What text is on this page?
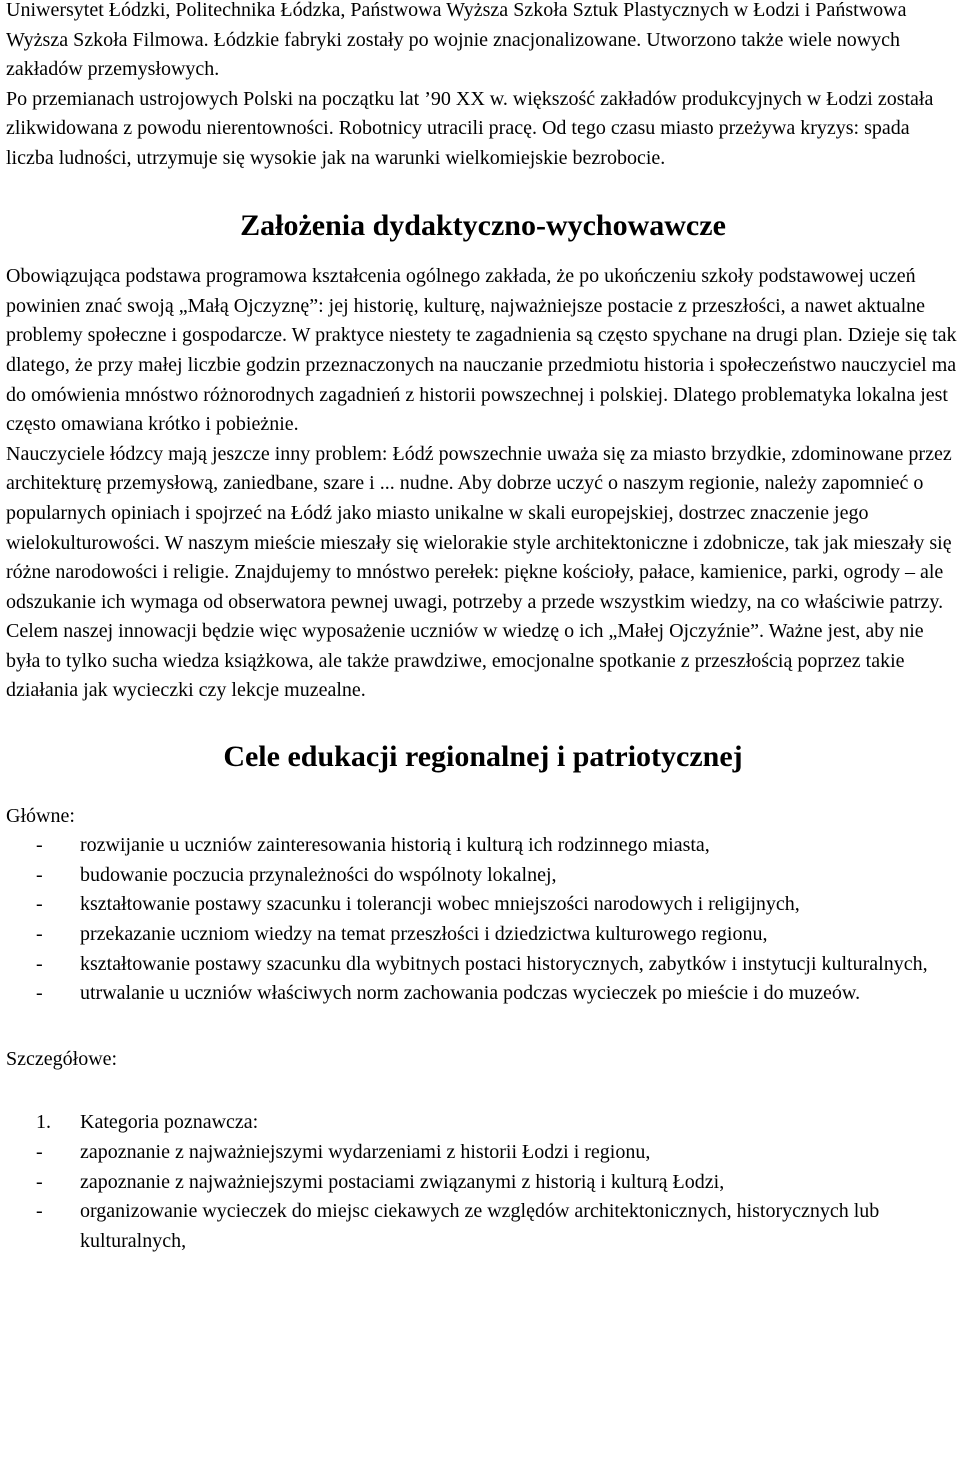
Uniwersytet Łódzki, Politechnika Łódzka, Państwowa Wyższa Szkoła Sztuk Plastycznych w Łodzi i Państwowa Wyższa Szkoła Filmowa. Łódzkie fabryki zostały po wojnie znacjonalizowane. Utworzono także wiele nowych zakładów przemysłowych.

Po przemianach ustrojowych Polski na początku lat ’90 XX w. większość zakładów produkcyjnych w Łodzi została zlikwidowana z powodu nierentowności. Robotnicy utracili pracę. Od tego czasu miasto przeżywa kryzys: spada liczba ludności, utrzymuje się wysokie jak na warunki wielkomiejskie bezrobocie.

Założenia dydaktyczno-wychowawcze

Obowiązująca podstawa programowa kształcenia ogólnego zakłada, że po ukończeniu szkoły podstawowej uczeń powinien znać swoją „Małą Ojczyznę”: jej historię, kulturę, najważniejsze postacie z przeszłości, a nawet aktualne problemy społeczne i gospodarcze. W praktyce niestety te zagadnienia są często spychane na drugi plan. Dzieje się tak dlatego, że przy małej liczbie godzin przeznaczonych na nauczanie przedmiotu historia i społeczeństwo nauczyciel ma do omówienia mnóstwo różnorodnych zagadnień z historii powszechnej i polskiej. Dlatego problematyka lokalna jest często omawiana krótko i pobieżnie.

Nauczyciele łódzcy mają jeszcze inny problem: Łódź powszechnie uważa się za miasto brzydkie, zdominowane przez architekturę przemysłową, zaniedbane, szare i ... nudne. Aby dobrze uczyć o naszym regionie, należy zapomnieć o popularnych opiniach i spojrzeć na Łódź jako miasto unikalne w skali europejskiej, dostrzec znaczenie jego wielokulturowości. W naszym mieście mieszały się wielorakie style architektoniczne i zdobnicze, tak jak mieszały się różne narodowości i religie. Znajdujemy to mnóstwo perełek: piękne kościoły, pałace, kamienice, parki, ogrody – ale odszukanie ich wymaga od obserwatora pewnej uwagi, potrzeby a przede wszystkim wiedzy, na co właściwie patrzy.

Celem naszej innowacji będzie więc wyposażenie uczniów w wiedzę o ich „Małej Ojczyźnie”. Ważne jest, aby nie była to tylko sucha wiedza książkowa, ale także prawdziwe, emocjonalne spotkanie z przeszłością poprzez takie działania jak wycieczki czy lekcje muzealne.

Cele edukacji regionalnej i patriotycznej

Główne:

- rozwijanie u uczniów zainteresowania historią i kulturą ich rodzinnego miasta,
- budowanie poczucia przynależności do wspólnoty lokalnej,
- kształtowanie postawy szacunku i tolerancji wobec mniejszości narodowych i religijnych,
- przekazanie uczniom wiedzy na temat przeszłości i dziedzictwa kulturowego regionu,
- kształtowanie postawy szacunku dla wybitnych postaci historycznych, zabytków i instytucji kulturalnych,
- utrwalanie u uczniów właściwych norm zachowania podczas wycieczek po mieście i do muzeów.

Szczegółowe:

1. Kategoria poznawcza:
- zapoznanie z najważniejszymi wydarzeniami z historii Łodzi i regionu,
- zapoznanie z najważniejszymi postaciami związanymi z historią i kulturą Łodzi,
- organizowanie wycieczek do miejsc ciekawych ze względów architektonicznych, historycznych lub kulturalnych,
